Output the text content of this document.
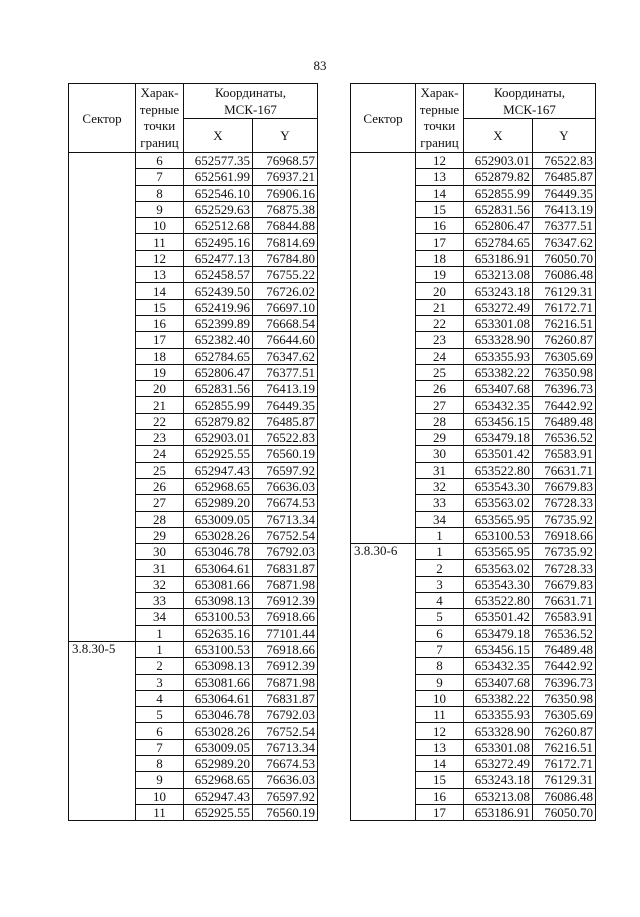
83
Сектор	Харак-
терные
точки
границ	Координаты,
МСК-167	
		X	Y
	6	652577.35	76968.57
	7	652561.99	76937.21
	8	652546.10	76906.16
	9	652529.63	76875.38
	10	652512.68	76844.88
	11	652495.16	76814.69
	12	652477.13	76784.80
	13	652458.57	76755.22
	14	652439.50	76726.02
	15	652419.96	76697.10
	16	652399.89	76668.54
	17	652382.40	76644.60
	18	652784.65	76347.62
	19	652806.47	76377.51
	20	652831.56	76413.19
	21	652855.99	76449.35
	22	652879.82	76485.87
	23	652903.01	76522.83
	24	652925.55	76560.19
	25	652947.43	76597.92
	26	652968.65	76636.03
	27	652989.20	76674.53
	28	653009.05	76713.34
	29	653028.26	76752.54
	30	653046.78	76792.03
	31	653064.61	76831.87
	32	653081.66	76871.98
	33	653098.13	76912.39
	34	653100.53	76918.66
	1	652635.16	77101.44
3.8.30-5	1	653100.53	76918.66
	2	653098.13	76912.39
	3	653081.66	76871.98
	4	653064.61	76831.87
	5	653046.78	76792.03
	6	653028.26	76752.54
	7	653009.05	76713.34
	8	652989.20	76674.53
	9	652968.65	76636.03
	10	652947.43	76597.92
	11	652925.55	76560.19
Сектор	Харак-
терные
точки
границ	Координаты,
МСК-167	
		X	Y
	12	652903.01	76522.83
	13	652879.82	76485.87
	14	652855.99	76449.35
	15	652831.56	76413.19
	16	652806.47	76377.51
	17	652784.65	76347.62
	18	653186.91	76050.70
	19	653213.08	76086.48
	20	653243.18	76129.31
	21	653272.49	76172.71
	22	653301.08	76216.51
	23	653328.90	76260.87
	24	653355.93	76305.69
	25	653382.22	76350.98
	26	653407.68	76396.73
	27	653432.35	76442.92
	28	653456.15	76489.48
	29	653479.18	76536.52
	30	653501.42	76583.91
	31	653522.80	76631.71
	32	653543.30	76679.83
	33	653563.02	76728.33
	34	653565.95	76735.92
	1	653100.53	76918.66
3.8.30-6	1	653565.95	76735.92
	2	653563.02	76728.33
	3	653543.30	76679.83
	4	653522.80	76631.71
	5	653501.42	76583.91
	6	653479.18	76536.52
	7	653456.15	76489.48
	8	653432.35	76442.92
	9	653407.68	76396.73
	10	653382.22	76350.98
	11	653355.93	76305.69
	12	653328.90	76260.87
	13	653301.08	76216.51
	14	653272.49	76172.71
	15	653243.18	76129.31
	16	653213.08	76086.48
	17	653186.91	76050.70
